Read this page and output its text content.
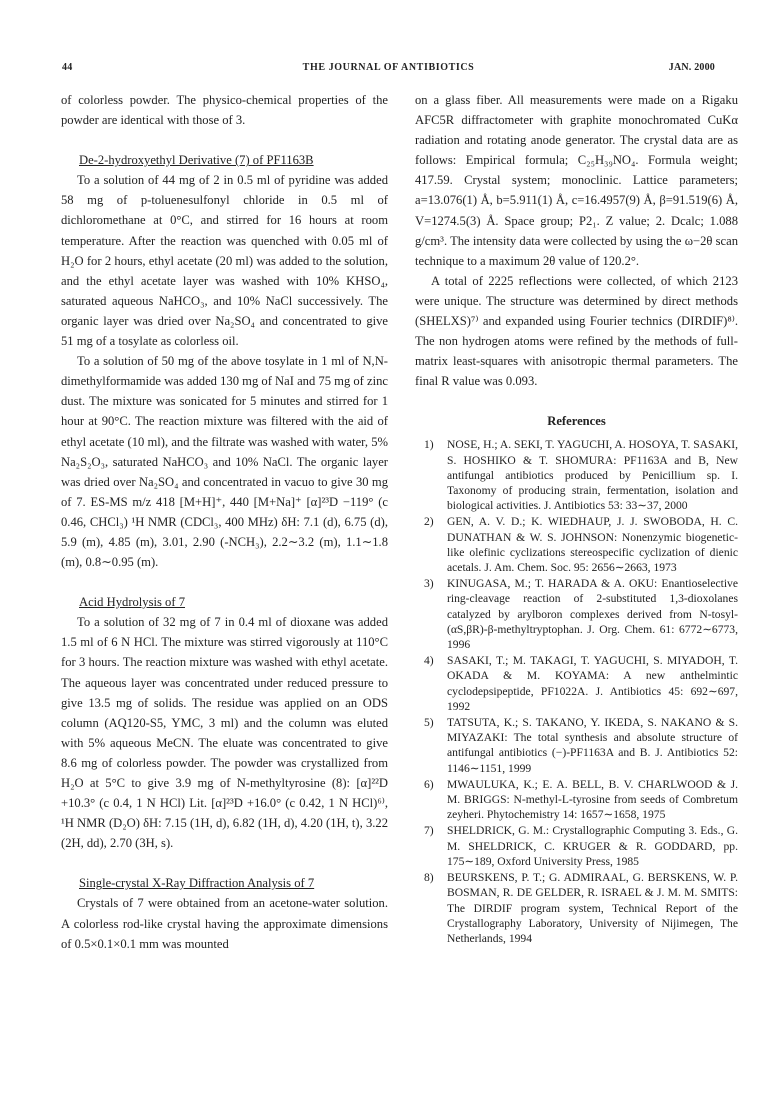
44	THE JOURNAL OF ANTIBIOTICS	JAN. 2000

of colorless powder. The physico-chemical properties of the powder are identical with those of 3.

De-2-hydroxyethyl Derivative (7) of PF1163B

To a solution of 44 mg of 2 in 0.5 ml of pyridine was added 58 mg of p-toluenesulfonyl chloride in 0.5 ml of dichloromethane at 0°C, and stirred for 16 hours at room temperature. After the reaction was quenched with 0.05 ml of H₂O for 2 hours, ethyl acetate (20 ml) was added to the solution, and the ethyl acetate layer was washed with 10% KHSO₄, saturated aqueous NaHCO₃, and 10% NaCl successively. The organic layer was dried over Na₂SO₄ and concentrated to give 51 mg of a tosylate as colorless oil.

To a solution of 50 mg of the above tosylate in 1 ml of N,N-dimethylformamide was added 130 mg of NaI and 75 mg of zinc dust. The mixture was sonicated for 5 minutes and stirred for 1 hour at 90°C. The reaction mixture was filtered with the aid of ethyl acetate (10 ml), and the filtrate was washed with water, 5% Na₂S₂O₃, saturated NaHCO₃ and 10% NaCl. The organic layer was dried over Na₂SO₄ and concentrated in vacuo to give 30 mg of 7. ES-MS m/z 418 [M+H]⁺, 440 [M+Na]⁺ [α]²³D −119° (c 0.46, CHCl₃) ¹H NMR (CDCl₃, 400 MHz) δH: 7.1 (d), 6.75 (d), 5.9 (m), 4.85 (m), 3.01, 2.90 (-NCH₃), 2.2∼3.2 (m), 1.1∼1.8 (m), 0.8∼0.95 (m).

Acid Hydrolysis of 7

To a solution of 32 mg of 7 in 0.4 ml of dioxane was added 1.5 ml of 6 N HCl. The mixture was stirred vigorously at 110°C for 3 hours. The reaction mixture was washed with ethyl acetate. The aqueous layer was concentrated under reduced pressure to give 13.5 mg of solids. The residue was applied on an ODS column (AQ120-S5, YMC, 3 ml) and the column was eluted with 5% aqueous MeCN. The eluate was concentrated to give 8.6 mg of colorless powder. The powder was crystallized from H₂O at 5°C to give 3.9 mg of N-methyltyrosine (8): [α]²²D +10.3° (c 0.4, 1 N HCl) Lit. [α]²³D +16.0° (c 0.42, 1 N HCl)⁶⁾, ¹H NMR (D₂O) δH: 7.15 (1H, d), 6.82 (1H, d), 4.20 (1H, t), 3.22 (2H, dd), 2.70 (3H, s).

Single-crystal X-Ray Diffraction Analysis of 7

Crystals of 7 were obtained from an acetone-water solution. A colorless rod-like crystal having the approximate dimensions of 0.5×0.1×0.1 mm was mounted

on a glass fiber. All measurements were made on a Rigaku AFC5R diffractometer with graphite monochromated CuKα radiation and rotating anode generator. The crystal data are as follows: Empirical formula; C₂₅H₃₉NO₄. Formula weight; 417.59. Crystal system; monoclinic. Lattice parameters; a=13.076(1) Å, b=5.911(1) Å, c=16.4957(9) Å, β=91.519(6) Å, V=1274.5(3) Å. Space group; P2₁. Z value; 2. Dcalc; 1.088 g/cm³. The intensity data were collected by using the ω−2θ scan technique to a maximum 2θ value of 120.2°.

A total of 2225 reflections were collected, of which 2123 were unique. The structure was determined by direct methods (SHELXS)⁷⁾ and expanded using Fourier technics (DIRDIF)⁸⁾. The non hydrogen atoms were refined by the methods of full-matrix least-squares with anisotropic thermal parameters. The final R value was 0.093.

References

1) NOSE, H.; A. SEKI, T. YAGUCHI, A. HOSOYA, T. SASAKI, S. HOSHIKO & T. SHOMURA: PF1163A and B, New antifungal antibiotics produced by Penicillium sp. I. Taxonomy of producing strain, fermentation, isolation and biological activities. J. Antibiotics 53: 33∼37, 2000
2) GEN, A. V. D.; K. WIEDHAUP, J. J. SWOBODA, H. C. DUNATHAN & W. S. JOHNSON: Nonenzymic biogenetic-like olefinic cyclizations stereospecific cyclization of dienic acetals. J. Am. Chem. Soc. 95: 2656∼2663, 1973
3) KINUGASA, M.; T. HARADA & A. OKU: Enantioselective ring-cleavage reaction of 2-substituted 1,3-dioxolanes catalyzed by arylboron complexes derived from N-tosyl-(αS,βR)-β-methyltryptophan. J. Org. Chem. 61: 6772∼6773, 1996
4) SASAKI, T.; M. TAKAGI, T. YAGUCHI, S. MIYADOH, T. OKADA & M. KOYAMA: A new anthelmintic cyclodepsipeptide, PF1022A. J. Antibiotics 45: 692∼697, 1992
5) TATSUTA, K.; S. TAKANO, Y. IKEDA, S. NAKANO & S. MIYAZAKI: The total synthesis and absolute structure of antifungal antibiotics (−)-PF1163A and B. J. Antibiotics 52: 1146∼1151, 1999
6) MWAULUKA, K.; E. A. BELL, B. V. CHARLWOOD & J. M. BRIGGS: N-methyl-L-tyrosine from seeds of Combretum zeyheri. Phytochemistry 14: 1657∼1658, 1975
7) SHELDRICK, G. M.: Crystallographic Computing 3. Eds., G. M. SHELDRICK, C. KRUGER & R. GODDARD, pp. 175∼189, Oxford University Press, 1985
8) BEURSKENS, P. T.; G. ADMIRAAL, G. BERSKENS, W. P. BOSMAN, R. DE GELDER, R. ISRAEL & J. M. M. SMITS: The DIRDIF program system, Technical Report of the Crystallography Laboratory, University of Nijimegen, The Netherlands, 1994
